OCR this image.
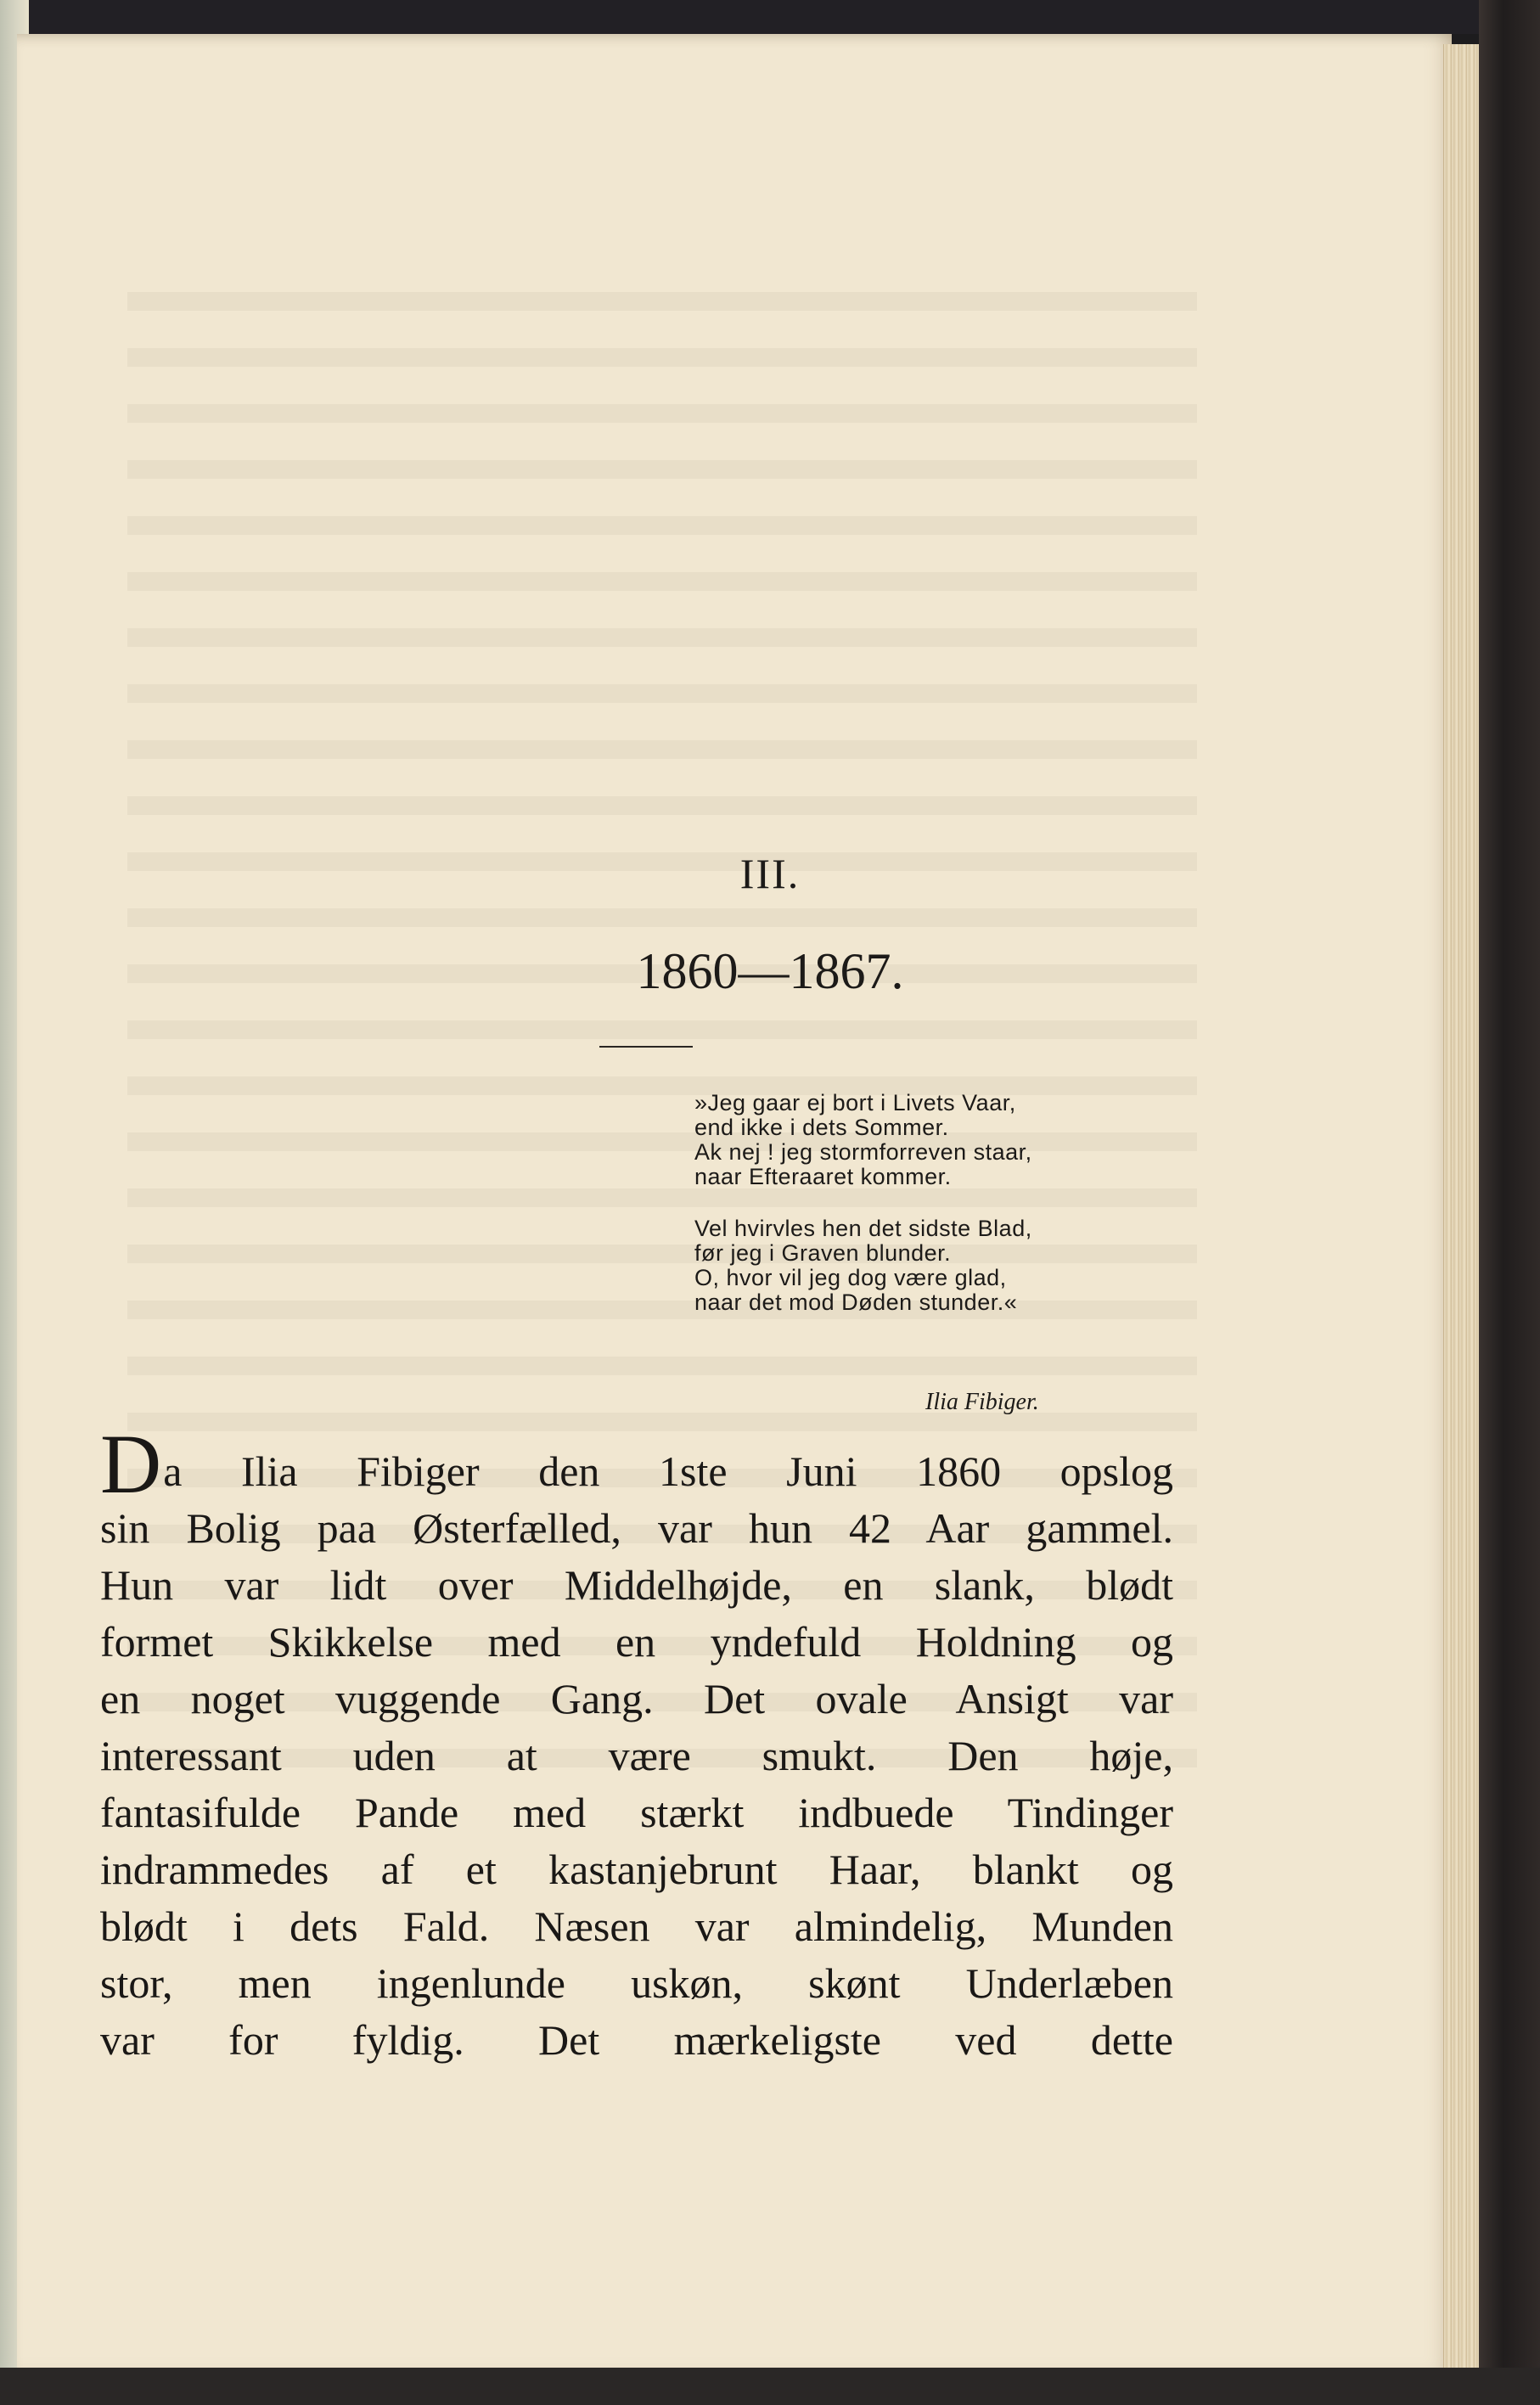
III.
1860—1867.
»Jeg gaar ej bort i Livets Vaar,
end ikke i dets Sommer.
Ak nej ! jeg stormforreven staar,
naar Efteraaret kommer.
Vel hvirvles hen det sidste Blad,
før jeg i Graven blunder.
O, hvor vil jeg dog være glad,
naar det mod Døden stunder.«
Ilia Fibiger.
Da Ilia Fibiger den 1ste Juni 1860 opslog
sin Bolig paa Østerfælled, var hun 42 Aar gammel.
Hun var lidt over Middelhøjde, en slank, blødt
formet Skikkelse med en yndefuld Holdning og
en noget vuggende Gang. Det ovale Ansigt var
interessant uden at være smukt. Den høje,
fantasifulde Pande med stærkt indbuede Tindinger
indrammedes af et kastanjebrunt Haar, blankt og
blødt i dets Fald. Næsen var almindelig, Munden
stor, men ingenlunde uskøn, skønt Underlæben
var for fyldig. Det mærkeligste ved dette
